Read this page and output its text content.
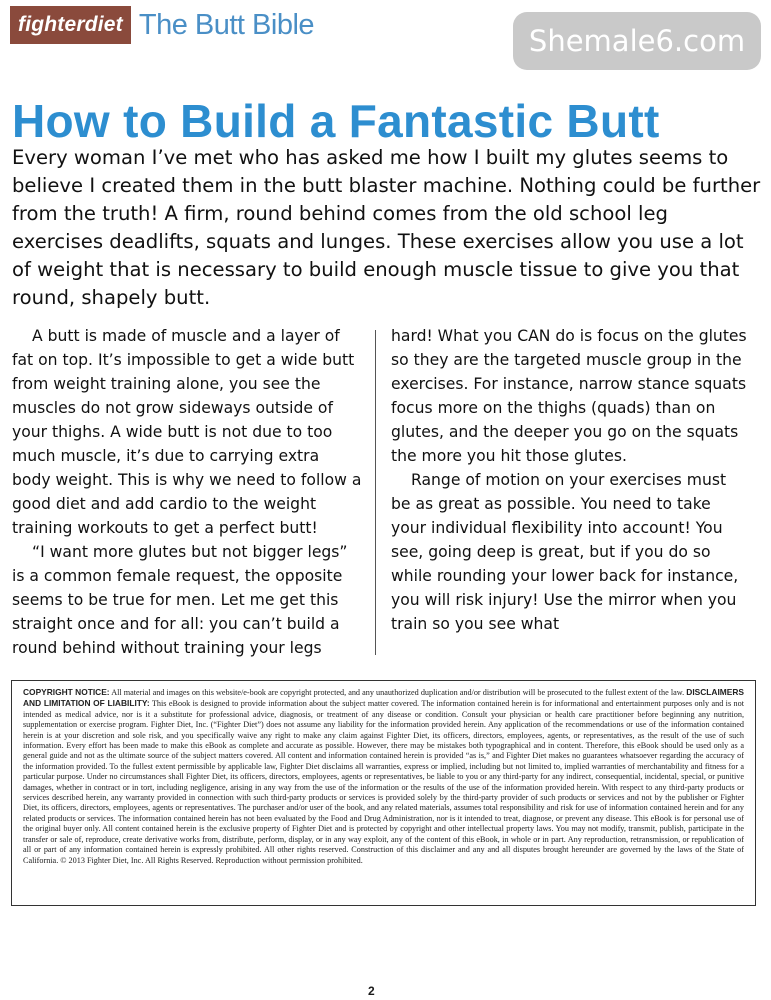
fighterdiet The Butt Bible	Shemale6.com
How to Build a Fantastic Butt

Every woman I’ve met who has asked me how I built my glutes seems to believe I created them in the butt blaster machine. Nothing could be further from the truth! A firm, round behind comes from the old school leg exercises deadlifts, squats and lunges. These exercises allow you use a lot of weight that is necessary to build enough muscle tissue to give you that round, shapely butt.

A butt is made of muscle and a layer of fat on top. It’s impossible to get a wide butt from weight training alone, you see the muscles do not grow sideways outside of your thighs. A wide butt is not due to too much muscle, it’s due to carrying extra body weight. This is why we need to follow a good diet and add cardio to the weight training workouts to get a perfect butt!

“I want more glutes but not bigger legs” is a common female request, the opposite seems to be true for men. Let me get this straight once and for all: you can’t build a round behind without training your legs

hard! What you CAN do is focus on the glutes so they are the targeted muscle group in the exercises. For instance, narrow stance squats focus more on the thighs (quads) than on glutes, and the deeper you go on the squats the more you hit those glutes.

Range of motion on your exercises must be as great as possible. You need to take your individual flexibility into account! You see, going deep is great, but if you do so while rounding your lower back for instance, you will risk injury! Use the mirror when you train so you see what

COPYRIGHT NOTICE: All material and images on this website/e-book are copyright protected, and any unauthorized duplication and/or distribution will be prosecuted to the fullest extent of the law. DISCLAIMERS AND LIMITATION OF LIABILITY: This eBook is designed to provide information about the subject matter covered. The information contained herein is for informational and entertainment purposes only and is not intended as medical advice, nor is it a substitute for professional advice, diagnosis, or treatment of any disease or condition. Consult your physician or health care practitioner before beginning any nutrition, supplementation or exercise program. Fighter Diet, Inc. (“Fighter Diet”) does not assume any liability for the information provided herein. Any application of the recommendations or use of the information contained herein is at your discretion and sole risk, and you specifically waive any right to make any claim against Fighter Diet, its officers, directors, employees, agents, or representatives, as the result of the use of such information. Every effort has been made to make this eBook as complete and accurate as possible. However, there may be mistakes both typographical and in content. Therefore, this eBook should be used only as a general guide and not as the ultimate source of the subject matters covered. All content and information contained herein is provided “as is,” and Fighter Diet makes no guarantees whatsoever regarding the accuracy of the information provided. To the fullest extent permissible by applicable law, Fighter Diet disclaims all warranties, express or implied, including but not limited to, implied warranties of merchantability and fitness for a particular purpose. Under no circumstances shall Fighter Diet, its officers, directors, employees, agents or representatives, be liable to you or any third-party for any indirect, consequential, incidental, special, or punitive damages, whether in contract or in tort, including negligence, arising in any way from the use of the information or the results of the use of the information provided herein. With respect to any third-party products or services described herein, any warranty provided in connection with such third-party products or services is provided solely by the third-party provider of such products or services and not by the publisher or Fighter Diet, its officers, directors, employees, agents or representatives. The purchaser and/or user of the book, and any related materials, assumes total responsibility and risk for use of information contained herein and for any related products or services. The information contained herein has not been evaluated by the Food and Drug Administration, nor is it intended to treat, diagnose, or prevent any disease. This eBook is for personal use of the original buyer only. All content contained herein is the exclusive property of Fighter Diet and is protected by copyright and other intellectual property laws. You may not modify, transmit, publish, participate in the transfer or sale of, reproduce, create derivative works from, distribute, perform, display, or in any way exploit, any of the content of this eBook, in whole or in part. Any reproduction, retransmission, or republication of all or part of any information contained herein is expressly prohibited. All other rights reserved. Construction of this disclaimer and any and all disputes brought hereunder are governed by the laws of the State of California. © 2013 Fighter Diet, Inc. All Rights Reserved. Reproduction without permission prohibited.
2
